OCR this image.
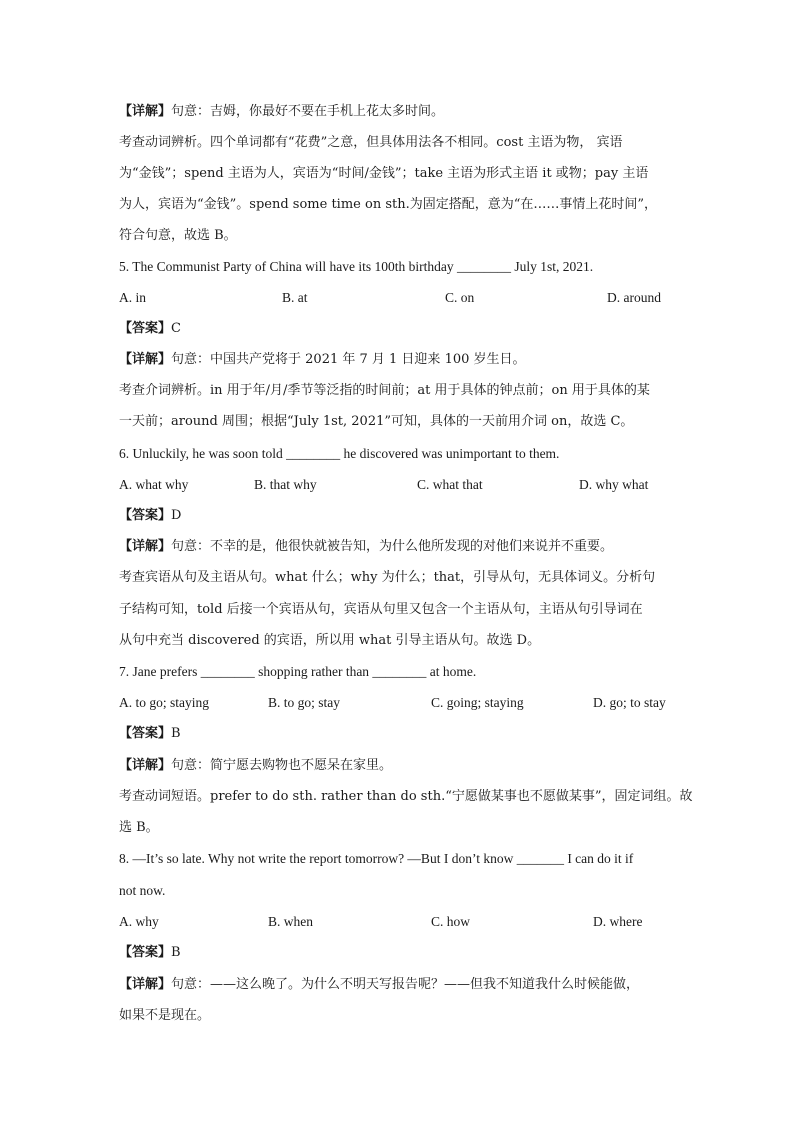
【详解】句意：吉姆，你最好不要在手机上花太多时间。
考查动词辨析。四个单词都有“花费”之意，但具体用法各不相同。cost 主语为物， 宾语
为“金钱”；spend 主语为人，宾语为“时间/金钱”；take 主语为形式主语 it 或物；pay 主语
为人，宾语为“金钱”。spend some time on sth.为固定搭配，意为“在……事情上花时间”，
符合句意，故选 B。
5. The Communist Party of China will have its 100th birthday ________ July 1st, 2021.
A. in	B. at	C. on	D. around
【答案】C
【详解】句意：中国共产党将于 2021 年 7 月 1 日迎来 100 岁生日。
考查介词辨析。in 用于年/月/季节等泛指的时间前；at 用于具体的钟点前；on 用于具体的某
一天前；around 周围；根据“July 1st, 2021”可知，具体的一天前用介词 on，故选 C。
6. Unluckily, he was soon told ________ he discovered was unimportant to them.
A. what why	B. that why	C. what that	D. why what
【答案】D
【详解】句意：不幸的是，他很快就被告知，为什么他所发现的对他们来说并不重要。
考查宾语从句及主语从句。what 什么；why 为什么；that，引导从句，无具体词义。分析句
子结构可知，told 后接一个宾语从句，宾语从句里又包含一个主语从句，主语从句引导词在
从句中充当 discovered 的宾语，所以用 what 引导主语从句。故选 D。
7. Jane prefers ________ shopping rather than ________ at home.
A. to go; staying	B. to go; stay	C. going; staying	D. go; to stay
【答案】B
【详解】句意：简宁愿去购物也不愿呆在家里。
考查动词短语。prefer to do sth. rather than do sth.“宁愿做某事也不愿做某事”，固定词组。故
选 B。
8. —It’s so late. Why not write the report tomorrow? —But I don’t know _______ I can do it if
not now.
A. why	B. when	C. how	D. where
【答案】B
【详解】句意：——这么晚了。为什么不明天写报告呢？——但我不知道我什么时候能做，
如果不是现在。
